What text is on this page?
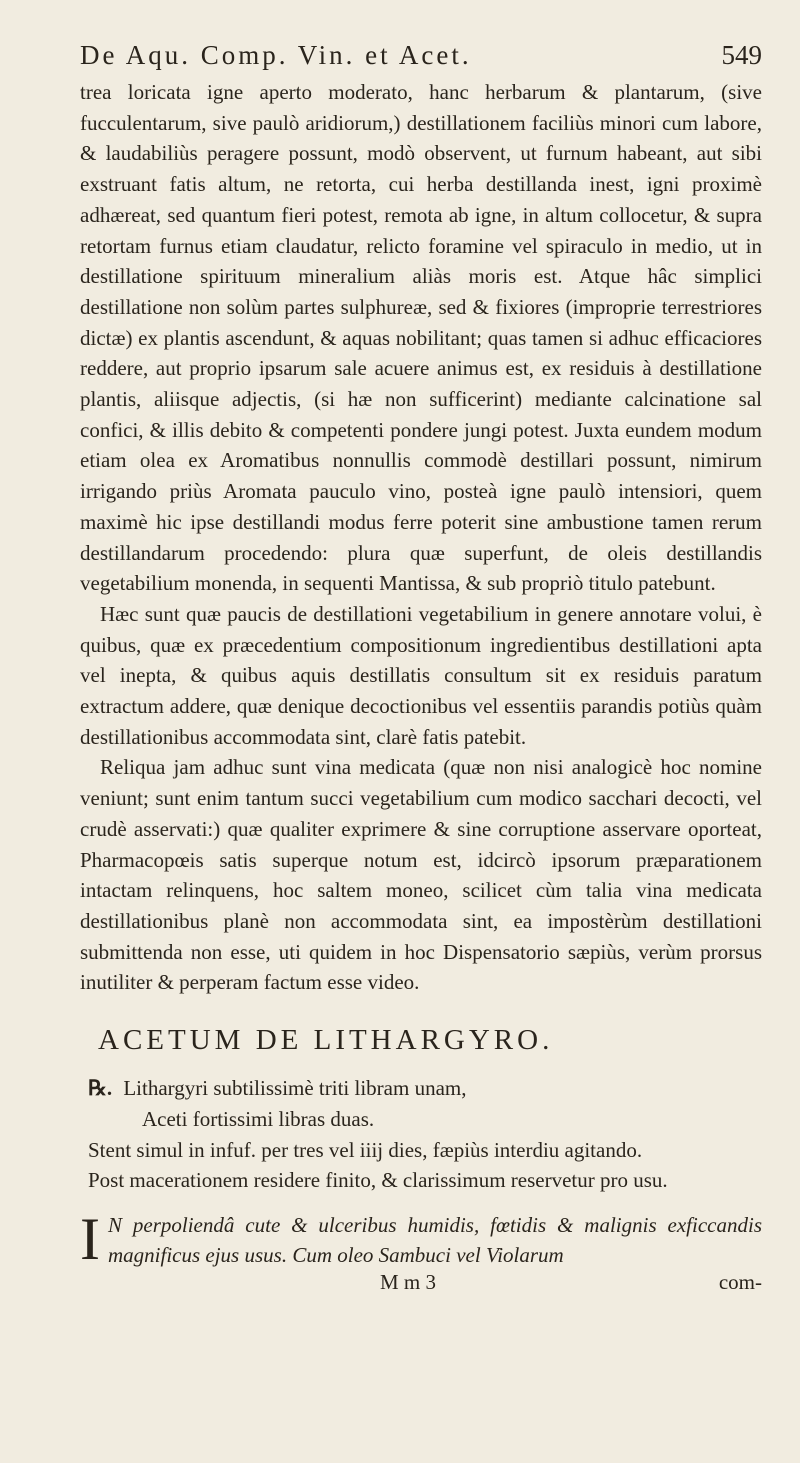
De Aqu. Comp. Vin. et Acet.	549

trea loricata igne aperto moderato, hanc herbarum & plantarum, (sive fucculentarum, sive paulò aridiorum,) destillationem faciliùs minori cum labore, & laudabiliùs peragere possunt, modò observent, ut furnum habeant, aut sibi exstruant fatis altum, ne retorta, cui herba destillanda inest, igni proximè adhæreat, sed quantum fieri potest, remota ab igne, in altum collocetur, & supra retortam furnus etiam claudatur, relicto foramine vel spiraculo in medio, ut in destillatione spirituum mineralium aliàs moris est. Atque hâc simplici destillatione non solùm partes sulphureæ, sed & fixiores (improprie terrestriores dictæ) ex plantis ascendunt, & aquas nobilitant; quas tamen si adhuc efficaciores reddere, aut proprio ipsarum sale acuere animus est, ex residuis à destillatione plantis, aliisque adjectis, (si hæ non sufficerint) mediante calcinatione sal confici, & illis debito & competenti pondere jungi potest. Juxta eundem modum etiam olea ex Aromatibus nonnullis commodè destillari possunt, nimirum irrigando priùs Aromata pauculo vino, posteà igne paulò intensiori, quem maximè hic ipse destillandi modus ferre poterit sine ambustione tamen rerum destillandarum procedendo: plura quæ superfunt, de oleis destillandis vegetabilium monenda, in sequenti Mantissa, & sub propriò titulo patebunt.

Hæc sunt quæ paucis de destillationi vegetabilium in genere annotare volui, è quibus, quæ ex præcedentium compositionum ingredientibus destillationi apta vel inepta, & quibus aquis destillatis consultum sit ex residuis paratum extractum addere, quæ denique decoctionibus vel essentiis parandis potiùs quàm destillationibus accommodata sint, clarè fatis patebit.

Reliqua jam adhuc sunt vina medicata (quæ non nisi analogicè hoc nomine veniunt; sunt enim tantum succi vegetabilium cum modico sacchari decocti, vel crudè asservati:) quæ qualiter exprimere & sine corruptione asservare oporteat, Pharmacopœis satis superque notum est, idcircò ipsorum præparationem intactam relinquens, hoc saltem moneo, scilicet cùm talia vina medicata destillationibus planè non accommodata sint, ea impostèrùm destillationi submittenda non esse, uti quidem in hoc Dispensatorio sæpiùs, verùm prorsus inutiliter & perperam factum esse video.

ACETUM DE LITHARGYRO.
℞. Lithargyri subtilissimè triti libram unam,
Aceti fortissimi libras duas.
Stent simul in infuf. per tres vel iiij dies, fæpiùs interdiu agitando.
Post macerationem residere finito, & clarissimum reservetur pro usu.
I N perpoliendâ cute & ulceribus humidis, fœtidis & malignis exficcandis magnificus ejus usus. Cum oleo Sambuci vel Violarum
M m 3	com-
